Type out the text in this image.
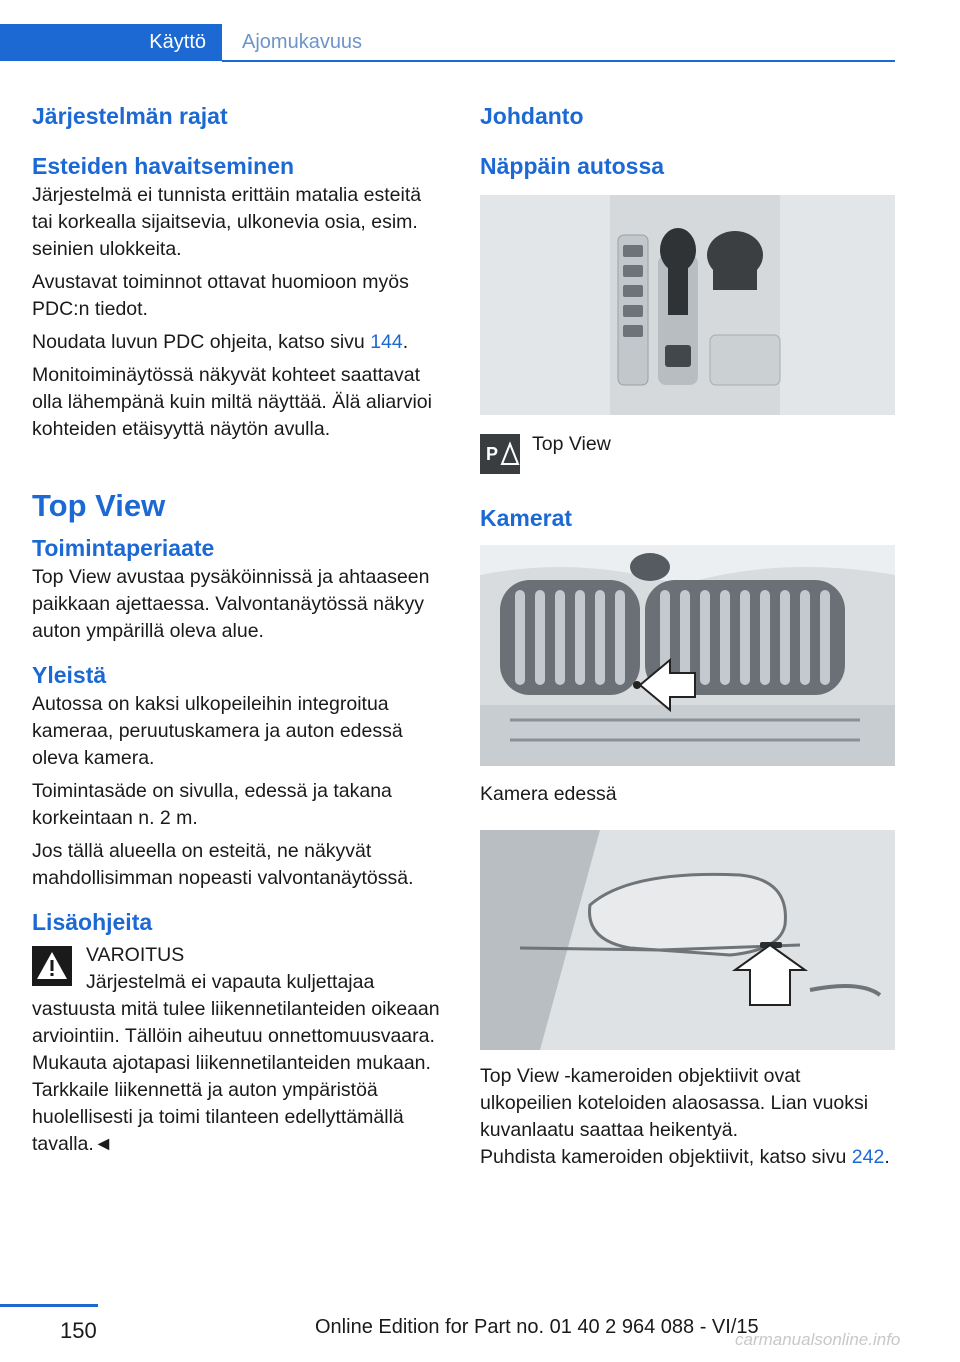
Käyttö	Ajomukavuus
Järjestelmän rajat
Esteiden havaitseminen

Järjestelmä ei tunnista erittäin matalia esteitä tai korkealla sijaitsevia, ulkonevia osia, esim. seinien ulokkeita.

Avustavat toiminnot ottavat huomioon myös PDC:n tiedot.

Noudata luvun PDC ohjeita, katso sivu 144.

Monitoiminäytössä näkyvät kohteet saattavat olla lähempänä kuin miltä näyttää. Älä aliarvioi kohteiden etäisyyttä näytön avulla.

Top View
Toimintaperiaate

Top View avustaa pysäköinnissä ja ahtaaseen paikkaan ajettaessa. Valvontanäytössä näkyy auton ympärillä oleva alue.

Yleistä

Autossa on kaksi ulkopeileihin integroitua kameraa, peruutuskamera ja auton edessä oleva kamera.

Toimintasäde on sivulla, edessä ja takana korkeintaan n. 2 m.

Jos tällä alueella on esteitä, ne näkyvät mahdollisimman nopeasti valvontanäytössä.

Lisäohjeita

VAROITUS

Järjestelmä ei vapauta kuljettajaa vastuusta mitä tulee liikennetilanteiden oikeaan arviointiin. Tällöin aiheutuu onnettomuusvaara. Mukauta ajotapasi liikennetilanteiden mukaan. Tarkkaile liikennettä ja auton ympäristöä huolellisesti ja toimi tilanteen edellyttämällä tavalla.◄

Johdanto
Näppäin autossa
P Top View

Kamerat

Kamera edessä

Top View -kameroiden objektiivit ovat ulkopeilien koteloiden alaosassa. Lian vuoksi kuvanlaatu saattaa heikentyä.

Puhdista kameroiden objektiivit, katso sivu 242.

150	Online Edition for Part no. 01 40 2 964 088 - VI/15
carmanualsonline.info
